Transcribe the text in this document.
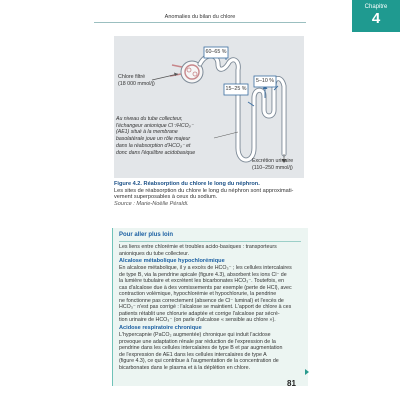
Anomalies du bilan du chlore
Chapitre
4
Chlore filtré
(18 000 mmol/j)
60–65 %
15–25 %
5–10 %
Au niveau du tube collecteur,
l'échangeur anionique Cl⁻/HCO₃⁻
(AE1) situé à la membrane
basolatérale joue un rôle majeur
dans la réabsorption d'HCO₃⁻ et
donc dans l'équilibre acidobasique
Excrétion urinaire
(110–250 mmol/j)
Figure 4.2. Réabsorption du chlore le long du néphron.
Les sites de réabsorption du chlore le long du néphron sont approximati-
vement superposables à ceux du sodium.
Source : Marie-Noëlle Péraldi.
Pour aller plus loin
Les liens entre chlorémie et troubles acido-basiques : transporteurs
anioniques du tube collecteur.
Alcalose métabolique hypochlorémique
En alcalose métabolique, il y a excès de HCO₃⁻ ; les cellules intercalaires
de type B, via la pendrine apicale (figure 4.3), absorbent les ions Cl⁻ de
la lumière tubulaire et excrètent les bicarbonates HCO₃⁻. Toutefois, en
cas d'alcalose due à des vomissements par exemple (perte de HCl), avec
contraction volémique, hypochlorémie et hypochlorurie, la pendrine
ne fonctionne pas correctement (absence de Cl⁻ luminal) et l'excès de
HCO₃⁻ n'est pas corrigé : l'alcalose se maintient. L'apport de chlore à ces
patients rétablit une chlorurie adaptée et corrige l'alcalose par sécré-
tion urinaire de HCO₃⁻ (on parle d'alcalose « sensible au chlore »).
Acidose respiratoire chronique
L'hypercapnie (PaCO₂ augmentée) chronique qui induit l'acidose
provoque une adaptation rénale par réduction de l'expression de la
pendrine dans les cellules intercalaires de type B et par augmentation
de l'expression de AE1 dans les cellules intercalaires de type A
(figure 4.3), ce qui contribue à l'augmentation de la concentration de
bicarbonates dans le plasma et à la déplétion en chlore.
81
